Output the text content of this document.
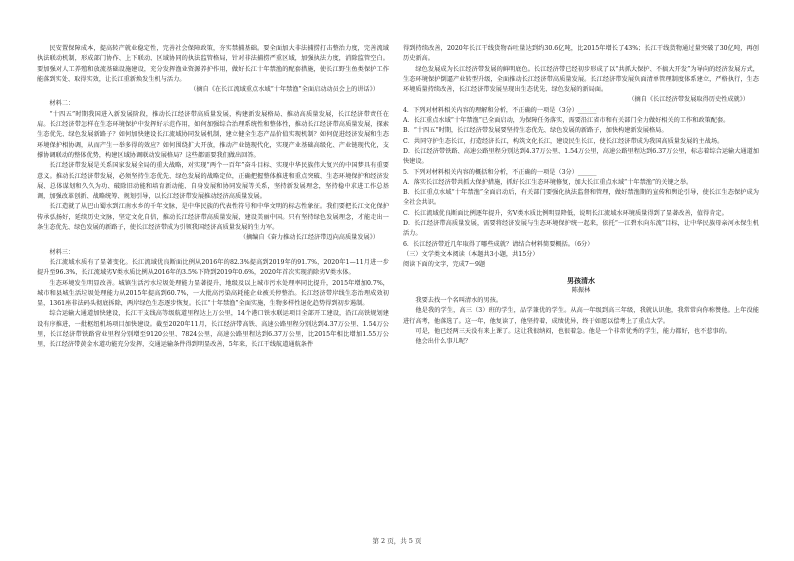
民安置保障成本，提高转产就业稳定性，完善社会保障政策，夯实禁捕基础。要全面加大非法捕捞打击整治力度，完善流域执法联动机制，形成部门协作、上下联动、区域协同的执法监管格局，针对非法捕捞严重区域，加强执法力度，消除监管空白。要加强对人工养殖和放流基础设施建设，充分发挥渔业资源养护作用，做好长江十年禁渔的配套措施，使长江野生鱼类保护工作能落到实处、取得实效，让长江重新焕发生机与活力。

（摘自《在长江流域重点水域“十年禁渔”全面启动动员会上的讲话》）

材料二：

“十四五”时期我国进入新发展阶段，推动长江经济带高质量发展，构建新发展格局、推动高质量发展，长江经济带责任在肩。长江经济带怎样在生态环境保护中发挥好示范作用，如何加强综合治理系统性和整体性，推动长江经济带高质量发展，探索生态优先、绿色发展新路子？如何加快建设长江流域协同发展机制，建立健全生态产品价值实现机制？如何促进经济发展和生态环境保护相协调，从而产生一举多得的效应？如何围绕扩大开放，推动产业链现代化，实现产业基础高级化、产业链现代化，支撑协调联动的整体优势，构建区域协调联动发展格局？这些都需要我们做出回答。

长江经济带发展是关系国家发展全局的重大战略，对实现“两个一百年”奋斗目标、实现中华民族伟大复兴的中国梦具有重要意义。推动长江经济带发展，必须坚持生态优先、绿色发展的战略定位，正确把握整体推进和重点突破、生态环境保护和经济发展、总体谋划和久久为功、破除旧动能和培育新动能、自身发展和协同发展等关系，坚持新发展理念，坚持稳中求进工作总基调，加强改革创新、战略统筹、规划引导，以长江经济带发展推动经济高质量发展。

长江造就了从巴山蜀水到江南水乡的千年文脉，是中华民族的代表性符号和中华文明的标志性象征。我们要把长江文化保护传承弘扬好，延续历史文脉，坚定文化自信，推动长江经济带高质量发展，建设美丽中国。只有坚持绿色发展理念，才能走出一条生态优先、绿色发展的新路子，使长江经济带成为引领我国经济高质量发展的生力军。

（摘编自《奋力推动长江经济带迈向高质量发展》）

材料三：

长江流域水质有了显著变化。长江流域优良断面比例从2016年的82.3%提高到2019年的91.7%，2020年1—11月进一步提升至96.3%，长江流域劣V类水质比例从2016年的3.5%下降到2019年0.6%，2020年首次实现消除劣V类水体。

生态环境发生明显改善。城镇生活污水垃圾处理能力显著提升，地级及以上城市污水处理率同比提升，2015年增加0.7%，城市和县城生活垃圾处理能力从2015年提高到60.7%，一大批高污染高耗能企业被关停整治。长江经济带岸线生态治理成效初显，1361座非法码头彻底拆除，两岸绿色生态逐步恢复。长江“十年禁渔”全面实施，生物多样性退化趋势得到初步遏制。

综合运输大通道加快建设，长江干支线高等级航道里程达上万公里，14个港口铁水联运项目全部开工建设，沿江高铁规划建设有序推进，一批枢纽机场项目加快建设。截至2020年11月，长江经济带高铁、高速公路里程分别达到4.37万公里、1.54万公里，长江经济带铁路营业里程分别增至9120公里、7824公里，高速公路里程达到6.37万公里，比2015年相比增加1.55万公里，长江经济带黄金水道功能充分发挥，交通运输条件得到明显改善，5年来，长江干线航道通航条件

得到持续改善，2020年长江干线货物吞吐量达到约30.6亿吨，比2015年增长了43%；长江干线货物通过量突破了30亿吨，再创历史新高。

绿色发展成为长江经济带发展的鲜明底色。长江经济带已经初步形成了以“共抓大保护、不搞大开发”为导向的经济发展方式，生态环境保护倒逼产业转型升级，全面推动长江经济带高质量发展。长江经济带发展负面清单管理制度体系建立，严格执行，生态环境质量持续改善，长江经济带发展呈现出生态优先、绿色发展的新局面。

（摘自《长江经济带发展取得历史性成就》）

4．下列对材料相关内容的理解和分析，不正确的一项是（3分）______

A．长江重点水域“十年禁渔”已全面启动，为保障任务落实，需要沿江省市和有关部门全力做好相关的工作和政策配套。

B．“十四五”时期，长江经济带发展要坚持生态优先、绿色发展的新路子，加快构建新发展格局。

C．共同守护生态长江，打造经济长江，构筑文化长江，建设民生长江，使长江经济带成为我国高质量发展的主战场。

D．长江经济带铁路、高速公路里程分别达到4.37万公里、1.54万公里，高速公路里程达到6.37万公里，标志着综合运输大通道加快建设。

5．下列对材料相关内容的概括和分析，不正确的一项是（3分）______

A．落实长江经济带共抓大保护措施，抓好长江生态环境修复，加大长江重点水域“十年禁渔”的关键之举。

B．长江重点水域“十年禁渔”全面启动后，有关部门要强化执法监督和管理，做好禁渔期的宣传和舆论引导，使长江生态保护成为全社会共识。

C．长江流域优良断面比例逐年提升，劣V类水质比例明显降低，说明长江流域水环境质量得到了显著改善，值得肯定。

D．长江经济带高质量发展，需要将经济发展与生态环境保护统一起来，依托“一江碧水向东流”目标，让中华民族母亲河永保生机活力。

6．长江经济带近几年取得了哪些成就？请结合材料简要概括。（6分）

（三）文学类文本阅读（本题共3小题，共15分）

阅读下面的文字，完成7～9题

男孩清水

陈振林

我要去找一个名叫清水的男孩。

他是我的学生，高三（3）班的学生，品学兼优的学生。从高一年级到高三年级，我就认识他，我常常向你称赞他。上年没能进行高考，他落选了。这一年，他复读了，他坚持着，成绩优异，终于如愿以偿考上了重点大学。

可是，他已经两三天没有来上课了。这让我很纳闷，也很着急。他是一个非常优秀的学生，能力都好，也不惹事的。

他会出什么事儿呢？

第 2 页，共 5 页
